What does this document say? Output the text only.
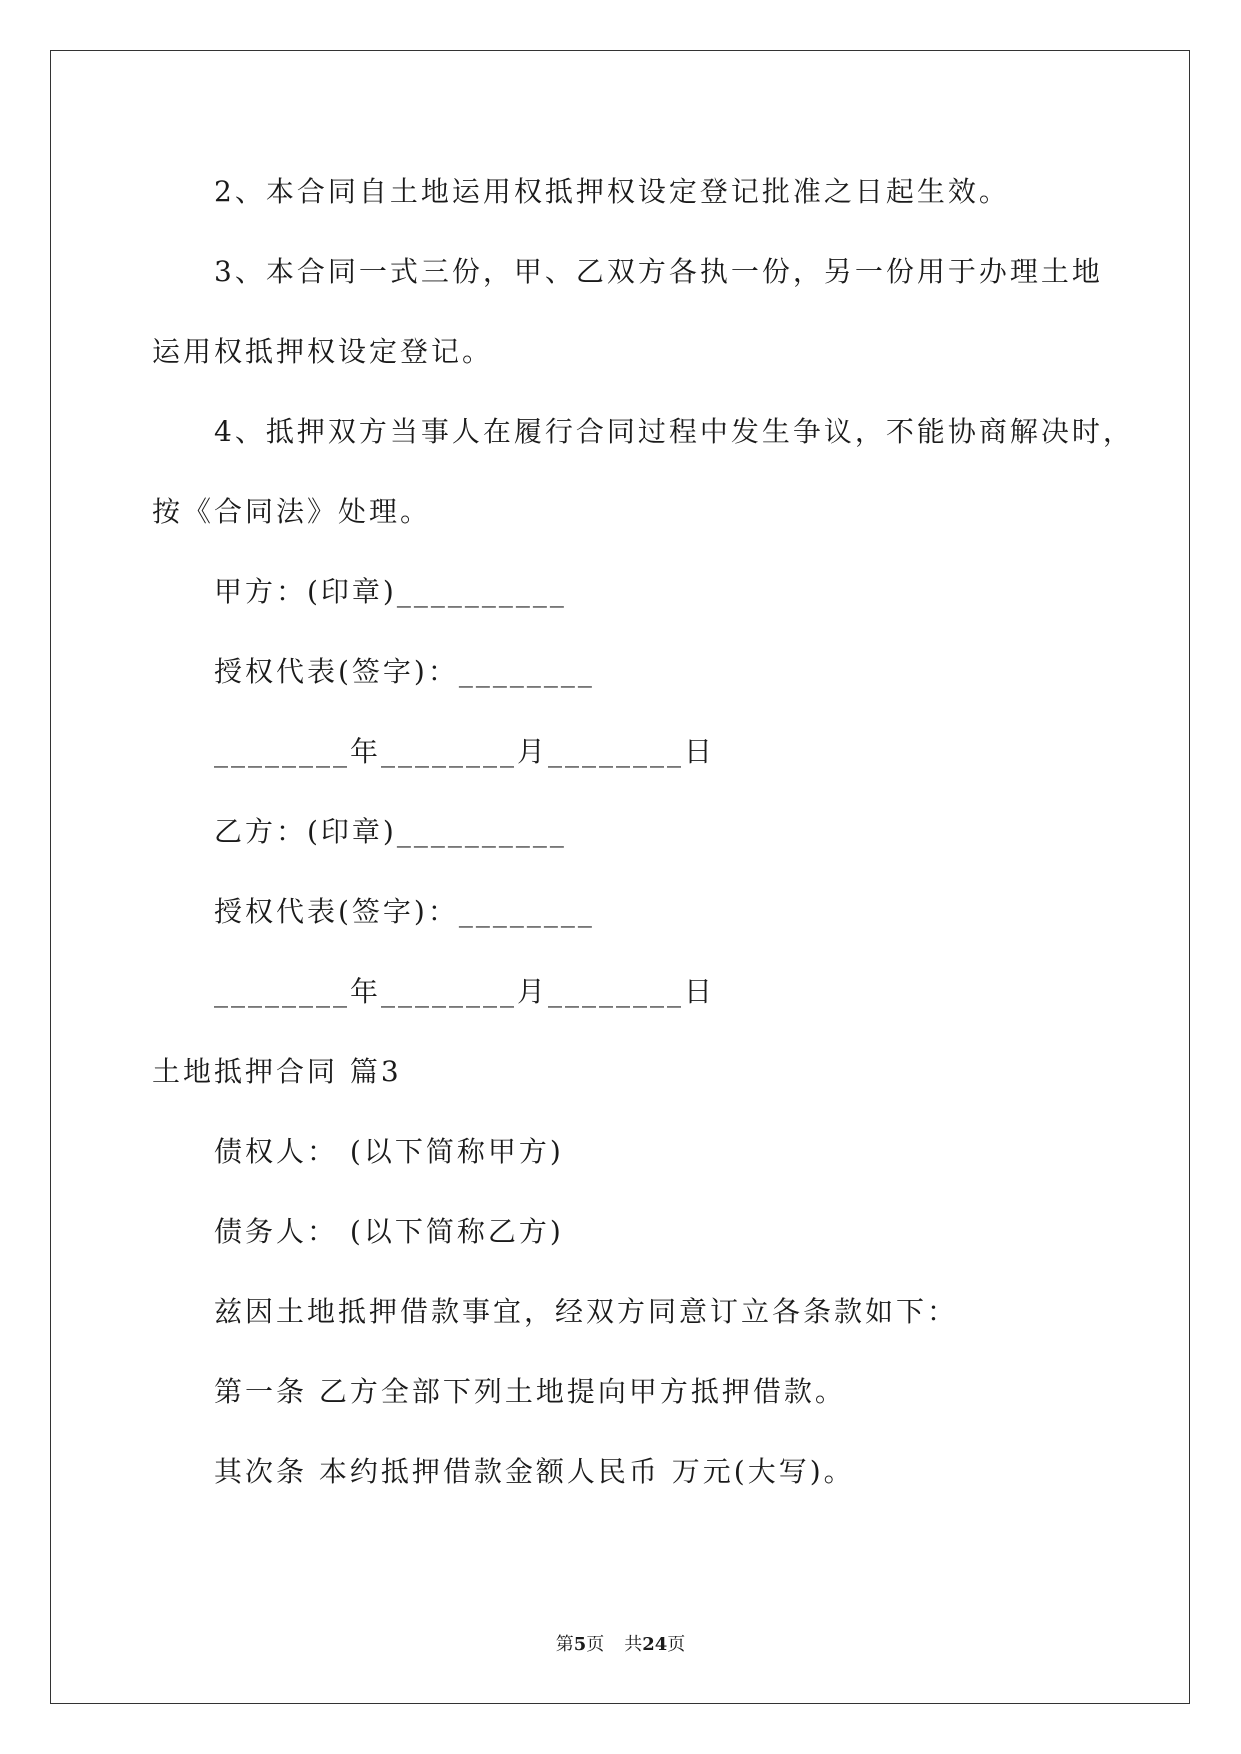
2、本合同自土地运用权抵押权设定登记批准之日起生效。
3、本合同一式三份，甲、乙双方各执一份，另一份用于办理土地
运用权抵押权设定登记。
4、抵押双方当事人在履行合同过程中发生争议，不能协商解决时，
按《合同法》处理。
甲方：(印章)__________
授权代表(签字)：________
________年________月________日
乙方：(印章)__________
授权代表(签字)：________
________年________月________日
土地抵押合同 篇3
债权人： (以下简称甲方)
债务人： (以下简称乙方)
兹因土地抵押借款事宜，经双方同意订立各条款如下：
第一条 乙方全部下列土地提向甲方抵押借款。
其次条 本约抵押借款金额人民币 万元(大写)。
第5页 共24页
